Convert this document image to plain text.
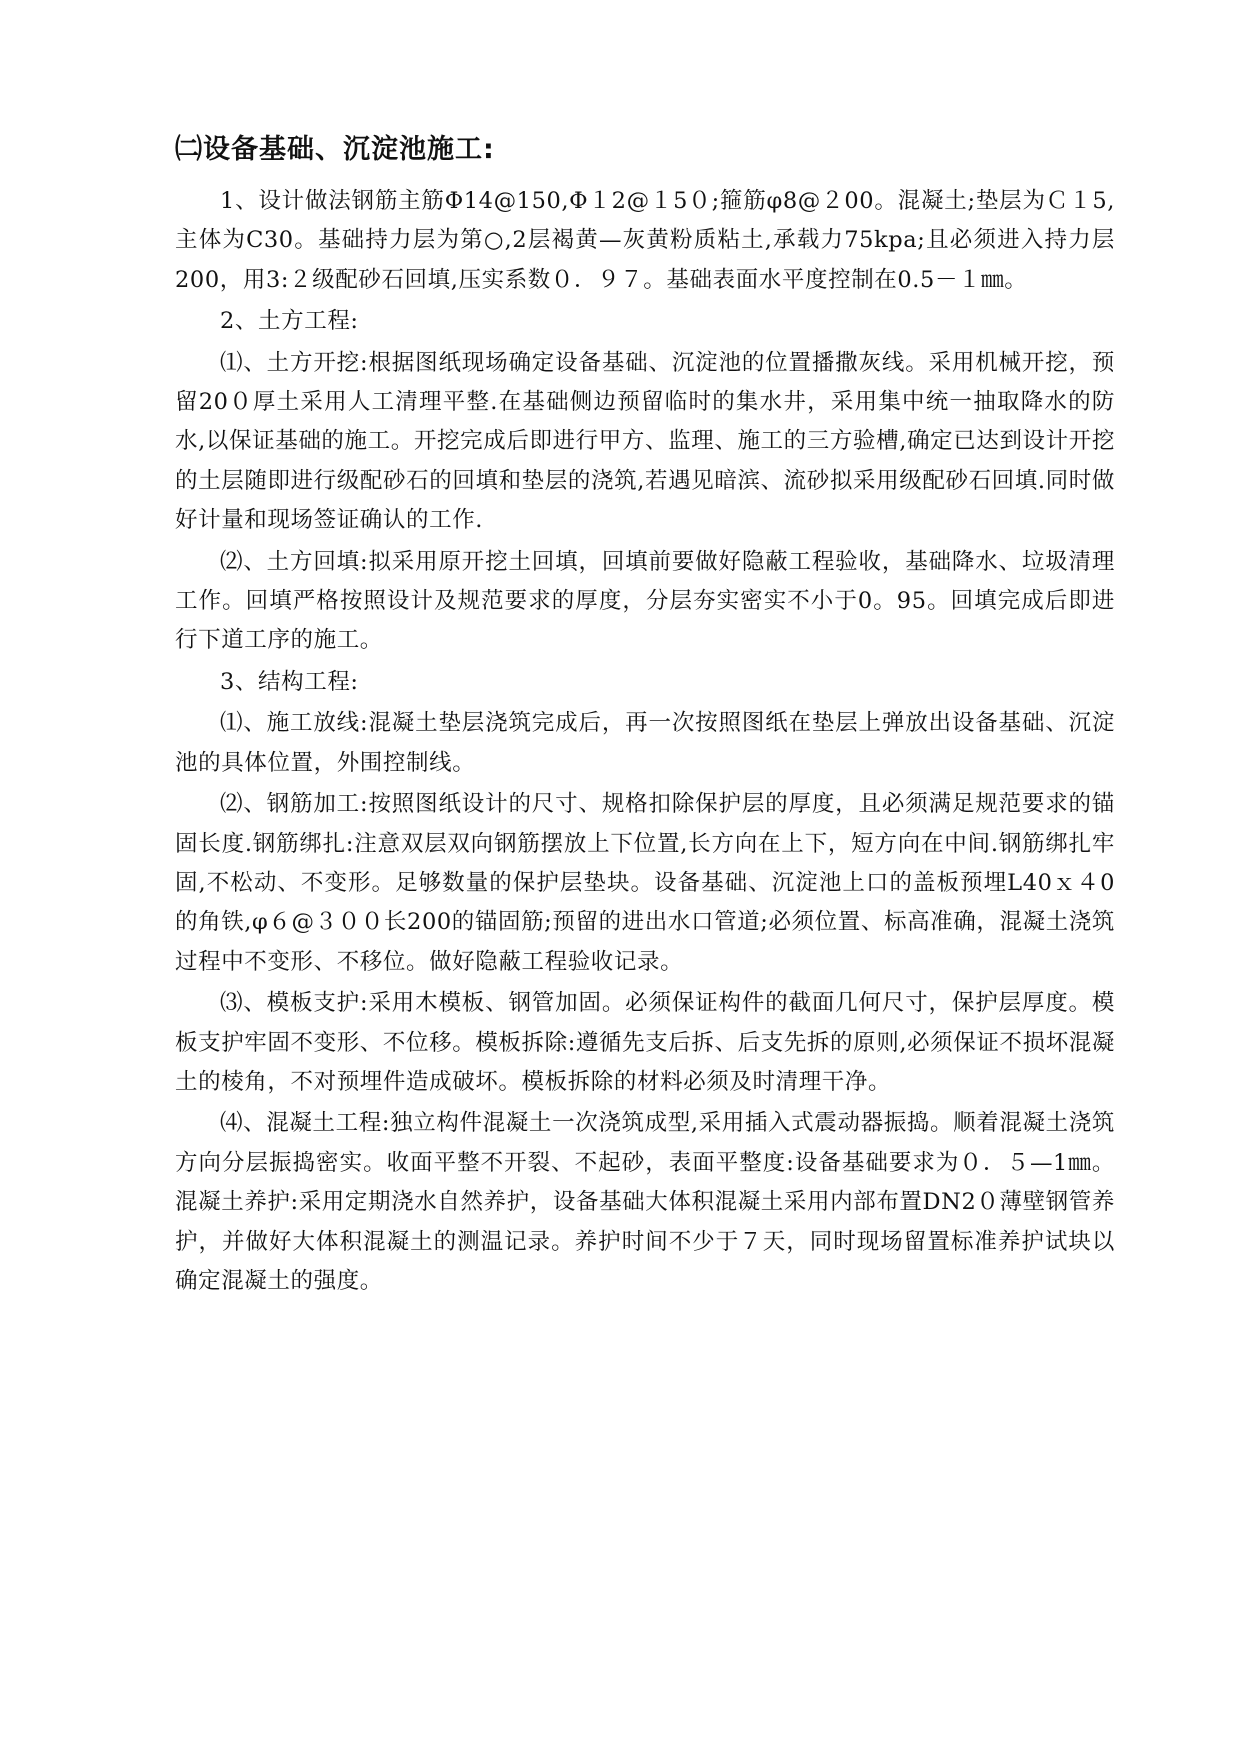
㈡设备基础、沉淀池施工:

1、设计做法钢筋主筋Φ14@150,Φ１2@１5０;箍筋φ8@２00。混凝土;垫层为Ｃ１5,主体为C30。基础持力层为第○,2层褐黄—灰黄粉质粘土,承载力75kpa;且必须进入持力层200，用3:２级配砂石回填,压实系数０．９７。基础表面水平度控制在0.5－１㎜。

2、土方工程:

⑴、土方开挖:根据图纸现场确定设备基础、沉淀池的位置播撒灰线。采用机械开挖，预留20０厚土采用人工清理平整.在基础侧边预留临时的集水井，采用集中统一抽取降水的防水,以保证基础的施工。开挖完成后即进行甲方、监理、施工的三方验槽,确定已达到设计开挖的土层随即进行级配砂石的回填和垫层的浇筑,若遇见暗滨、流砂拟采用级配砂石回填.同时做好计量和现场签证确认的工作.

⑵、土方回填:拟采用原开挖土回填，回填前要做好隐蔽工程验收，基础降水、垃圾清理工作。回填严格按照设计及规范要求的厚度，分层夯实密实不小于0。95。回填完成后即进行下道工序的施工。

3、结构工程:

⑴、施工放线:混凝土垫层浇筑完成后，再一次按照图纸在垫层上弹放出设备基础、沉淀池的具体位置，外围控制线。

⑵、钢筋加工:按照图纸设计的尺寸、规格扣除保护层的厚度，且必须满足规范要求的锚固长度.钢筋绑扎:注意双层双向钢筋摆放上下位置,长方向在上下，短方向在中间.钢筋绑扎牢固,不松动、不变形。足够数量的保护层垫块。设备基础、沉淀池上口的盖板预埋L40ｘ４0的角铁,φ６@３００长200的锚固筋;预留的进出水口管道;必须位置、标高准确，混凝土浇筑过程中不变形、不移位。做好隐蔽工程验收记录。

⑶、模板支护:采用木模板、钢管加固。必须保证构件的截面几何尺寸，保护层厚度。模板支护牢固不变形、不位移。模板拆除:遵循先支后拆、后支先拆的原则,必须保证不损坏混凝土的棱角，不对预埋件造成破坏。模板拆除的材料必须及时清理干净。

⑷、混凝土工程:独立构件混凝土一次浇筑成型,采用插入式震动器振捣。顺着混凝土浇筑方向分层振捣密实。收面平整不开裂、不起砂，表面平整度:设备基础要求为０．５—1㎜。混凝土养护:采用定期浇水自然养护，设备基础大体积混凝土采用内部布置DN2０薄壁钢管养护，并做好大体积混凝土的测温记录。养护时间不少于７天，同时现场留置标准养护试块以确定混凝土的强度。
